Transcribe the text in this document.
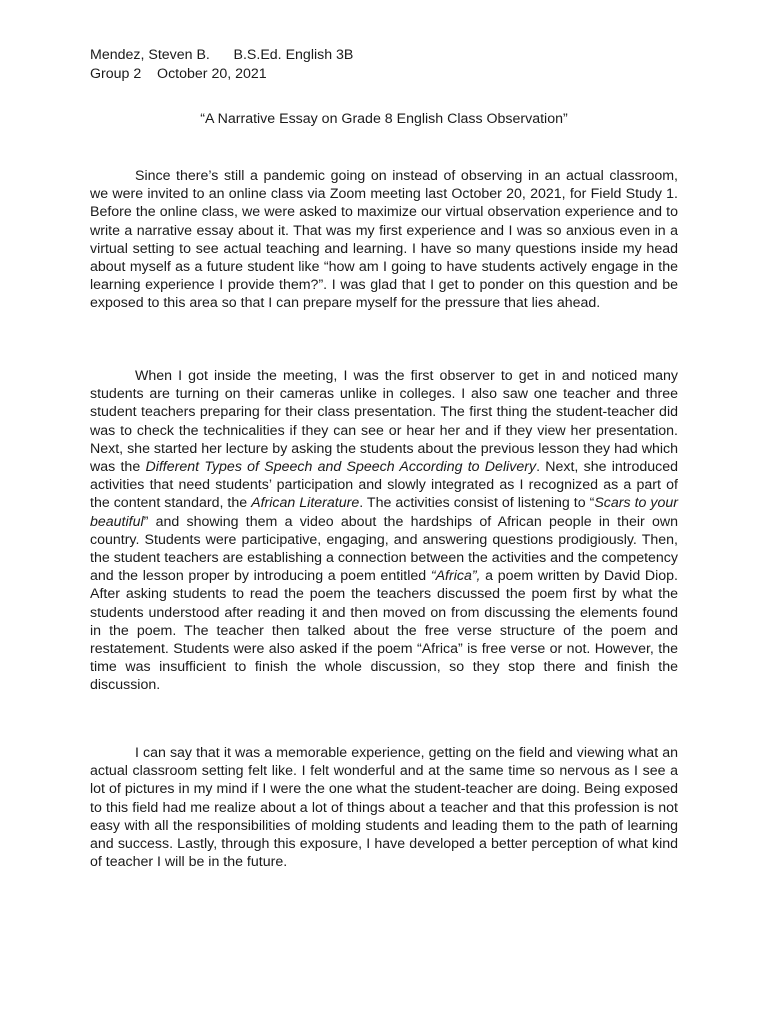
Mendez, Steven B.      B.S.Ed. English 3B
Group 2    October 20, 2021
“A Narrative Essay on Grade 8 English Class Observation”

Since there’s still a pandemic going on instead of observing in an actual classroom, we were invited to an online class via Zoom meeting last October 20, 2021, for Field Study 1. Before the online class, we were asked to maximize our virtual observation experience and to write a narrative essay about it. That was my first experience and I was so anxious even in a virtual setting to see actual teaching and learning. I have so many questions inside my head about myself as a future student like “how am I going to have students actively engage in the learning experience I provide them?”. I was glad that I get to ponder on this question and be exposed to this area so that I can prepare myself for the pressure that lies ahead.

When I got inside the meeting, I was the first observer to get in and noticed many students are turning on their cameras unlike in colleges. I also saw one teacher and three student teachers preparing for their class presentation. The first thing the student-teacher did was to check the technicalities if they can see or hear her and if they view her presentation. Next, she started her lecture by asking the students about the previous lesson they had which was the Different Types of Speech and Speech According to Delivery. Next, she introduced activities that need students’ participation and slowly integrated as I recognized as a part of the content standard, the African Literature. The activities consist of listening to “Scars to your beautiful” and showing them a video about the hardships of African people in their own country. Students were participative, engaging, and answering questions prodigiously. Then, the student teachers are establishing a connection between the activities and the competency and the lesson proper by introducing a poem entitled “Africa”, a poem written by David Diop. After asking students to read the poem the teachers discussed the poem first by what the students understood after reading it and then moved on from discussing the elements found in the poem. The teacher then talked about the free verse structure of the poem and restatement. Students were also asked if the poem “Africa” is free verse or not. However, the time was insufficient to finish the whole discussion, so they stop there and finish the discussion.

I can say that it was a memorable experience, getting on the field and viewing what an actual classroom setting felt like. I felt wonderful and at the same time so nervous as I see a lot of pictures in my mind if I were the one what the student-teacher are doing. Being exposed to this field had me realize about a lot of things about a teacher and that this profession is not easy with all the responsibilities of molding students and leading them to the path of learning and success. Lastly, through this exposure, I have developed a better perception of what kind of teacher I will be in the future.
